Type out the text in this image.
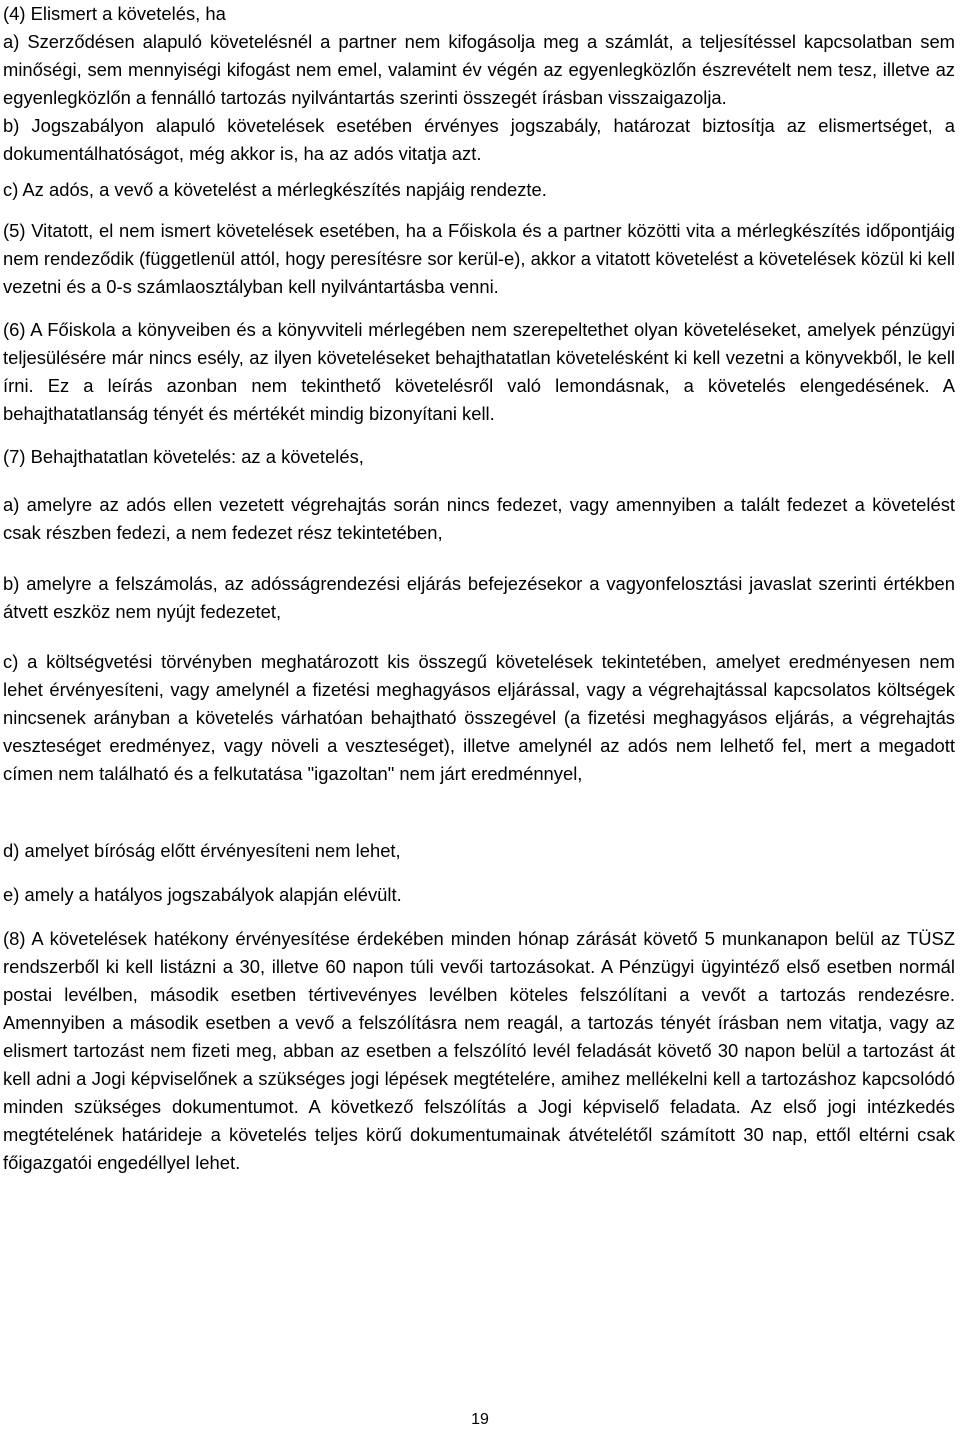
(4) Elismert a követelés, ha

a) Szerződésen alapuló követelésnél a partner nem kifogásolja meg a számlát, a teljesítéssel kapcsolatban sem minőségi, sem mennyiségi kifogást nem emel, valamint év végén az egyenlegközlőn észrevételt nem tesz, illetve az egyenlegközlőn a fennálló tartozás nyilvántartás szerinti összegét írásban visszaigazolja.

b) Jogszabályon alapuló követelések esetében érvényes jogszabály, határozat biztosítja az elismertséget, a dokumentálhatóságot, még akkor is, ha az adós vitatja azt.

c) Az adós, a vevő a követelést a mérlegkészítés napjáig rendezte.

(5) Vitatott, el nem ismert követelések esetében, ha a Főiskola és a partner közötti vita a mérlegkészítés időpontjáig nem rendeződik (függetlenül attól, hogy peresítésre sor kerül-e), akkor a vitatott követelést a követelések közül ki kell vezetni és a 0-s számlaosztályban kell nyilvántartásba venni.

(6) A Főiskola a könyveiben és a könyvviteli mérlegében nem szerepeltethet olyan követeléseket, amelyek pénzügyi teljesülésére már nincs esély, az ilyen követeléseket behajthatatlan követelésként ki kell vezetni a könyvekből, le kell írni. Ez a leírás azonban nem tekinthető követelésről való lemondásnak, a követelés elengedésének. A behajthatatlanság tényét és mértékét mindig bizonyítani kell.

(7) Behajthatatlan követelés: az a követelés,

a) amelyre az adós ellen vezetett végrehajtás során nincs fedezet, vagy amennyiben a talált fedezet a követelést csak részben fedezi, a nem fedezet rész tekintetében,

b) amelyre a felszámolás, az adósságrendezési eljárás befejezésekor a vagyonfelosztási javaslat szerinti értékben átvett eszköz nem nyújt fedezetet,

c) a költségvetési törvényben meghatározott kis összegű követelések tekintetében, amelyet eredményesen nem lehet érvényesíteni, vagy amelynél a fizetési meghagyásos eljárással, vagy a végrehajtással kapcsolatos költségek nincsenek arányban a követelés várhatóan behajtható összegével (a fizetési meghagyásos eljárás, a végrehajtás veszteséget eredményez, vagy növeli a veszteséget), illetve amelynél az adós nem lelhető fel, mert a megadott címen nem található és a felkutatása "igazoltan" nem járt eredménnyel,

d) amelyet bíróság előtt érvényesíteni nem lehet,

e) amely a hatályos jogszabályok alapján elévült.

(8) A követelések hatékony érvényesítése érdekében minden hónap zárását követő 5 munkanapon belül az TÜSZ rendszerből ki kell listázni a 30, illetve 60 napon túli vevői tartozásokat. A Pénzügyi ügyintéző első esetben normál postai levélben, második esetben tértivevényes levélben köteles felszólítani a vevőt a tartozás rendezésre. Amennyiben a második esetben a vevő a felszólításra nem reagál, a tartozás tényét írásban nem vitatja, vagy az elismert tartozást nem fizeti meg, abban az esetben a felszólító levél feladását követő 30 napon belül a tartozást át kell adni a Jogi képviselőnek a szükséges jogi lépések megtételére, amihez mellékelni kell a tartozáshoz kapcsolódó minden szükséges dokumentumot. A következő felszólítás a Jogi képviselő feladata. Az első jogi intézkedés megtételének határideje a követelés teljes körű dokumentumainak átvételétől számított 30 nap, ettől eltérni csak főigazgatói engedéllyel lehet.

19
